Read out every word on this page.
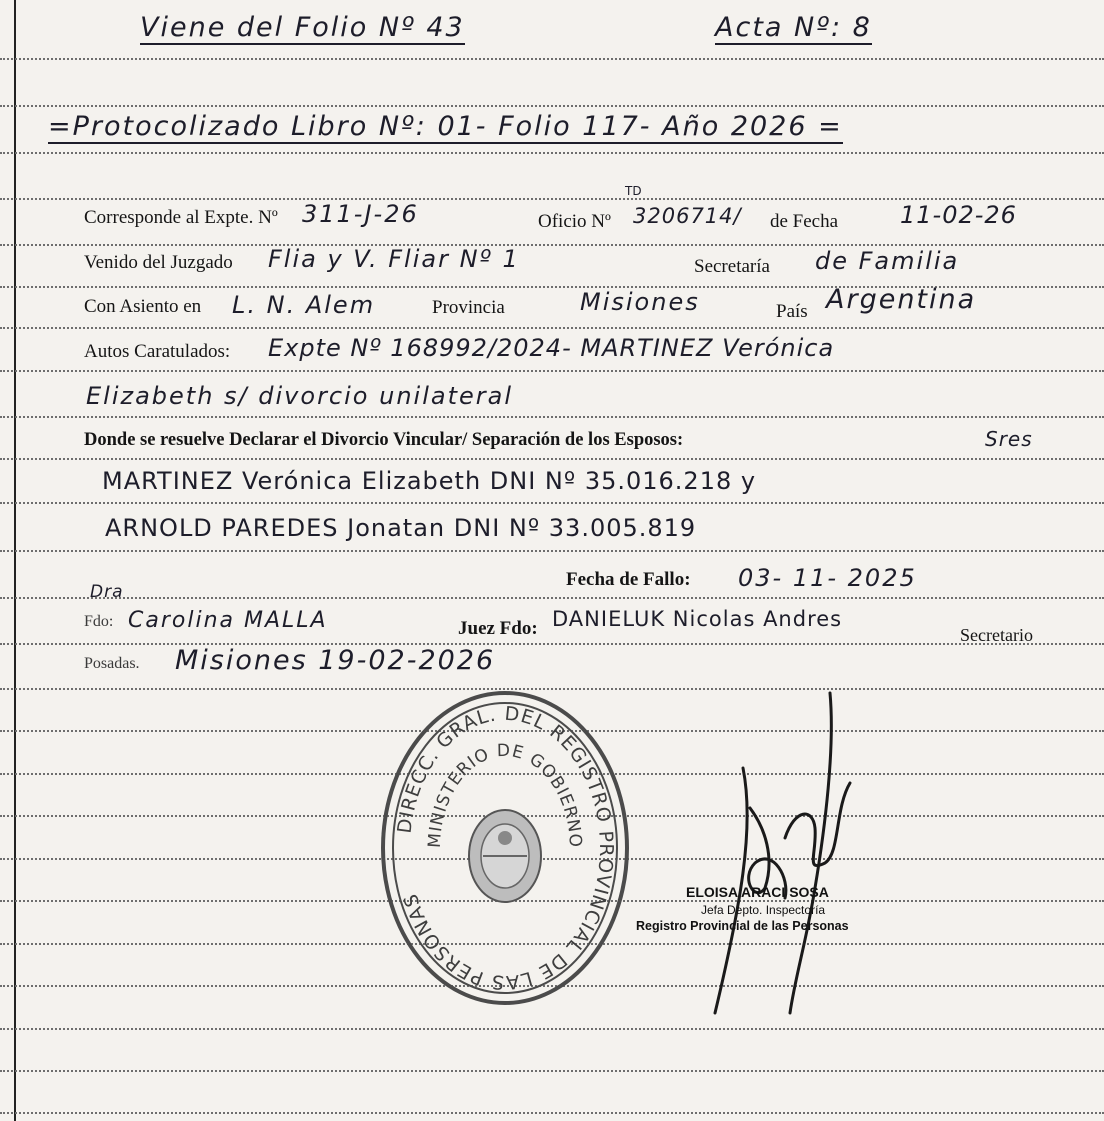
Viene del Folio Nº 43	Acta Nº: 8
=Protocolizado Libro Nº: 01- Folio 117- Año 2026 =
Corresponde al Expte. Nº 311-J-26	Oficio Nº
TD
3206714/ de Fecha	11-02-26
Venido del Juzgado Flia y V. Fliar Nº 1	Secretaría de Familia
Con Asiento en L. N. Alem	Provincia	Misiones	País Argentina
Autos Caratulados: Expte Nº 168992/2024- MARTINEZ Verónica
Elizabeth s/ divorcio unilateral
Donde se resuelve Declarar el Divorcio Vincular/ Separación de los Esposos:	Sres
MARTINEZ Verónica Elizabeth DNI Nº 35.016.218 y
ARNOLD PAREDES Jonatan DNI Nº 33.005.819
Fecha de Fallo: 03- 11- 2025
Dra
Fdo: Carolina MALLA	Juez Fdo: DANIELUK Nicolas Andres
Secretario
Posadas. Misiones 19-02-2026
DIRECC. GRAL. DEL REGISTRO PROVINCIAL DE LAS PERSONAS
MINISTERIO DE GOBIERNO
ELOISA ARACI SOSA
Jefa Depto. Inspectoría
Registro Provincial de las Personas
